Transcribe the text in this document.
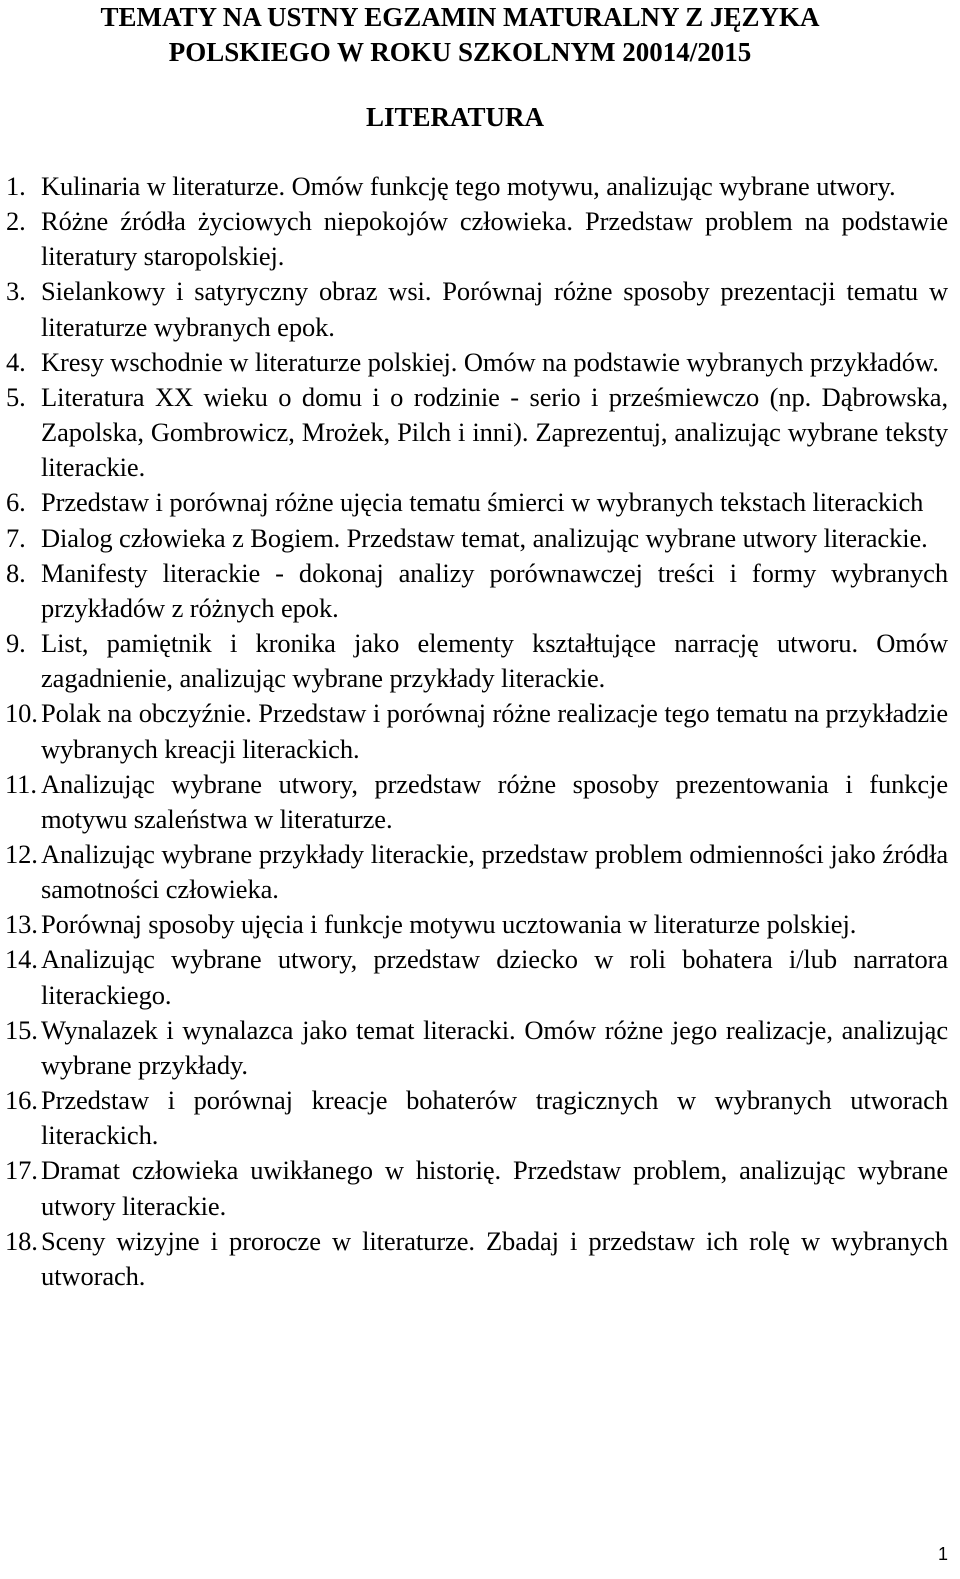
TEMATY NA USTNY EGZAMIN MATURALNY Z JĘZYKA
POLSKIEGO W ROKU SZKOLNYM 20014/2015
LITERATURA
1. Kulinaria w literaturze. Omów funkcję tego motywu, analizując wybrane utwory.
2. Różne źródła życiowych niepokojów człowieka. Przedstaw problem na podstawie literatury staropolskiej.
3. Sielankowy i satyryczny obraz wsi. Porównaj różne sposoby prezentacji tematu w literaturze wybranych epok.
4. Kresy wschodnie w literaturze polskiej. Omów na podstawie wybranych przykładów.
5. Literatura XX wieku o domu i o rodzinie - serio i prześmiewczo (np. Dąbrowska, Zapolska, Gombrowicz, Mrożek, Pilch i inni). Zaprezentuj, analizując wybrane teksty literackie.
6. Przedstaw i porównaj różne ujęcia tematu śmierci w wybranych tekstach literackich
7. Dialog człowieka z Bogiem. Przedstaw temat, analizując wybrane utwory literackie.
8. Manifesty literackie - dokonaj analizy porównawczej treści i formy wybranych przykładów z różnych epok.
9. List, pamiętnik i kronika jako elementy kształtujące narrację utworu. Omów zagadnienie, analizując wybrane przykłady literackie.
10. Polak na obczyźnie. Przedstaw i porównaj różne realizacje tego tematu na przykładzie wybranych kreacji literackich.
11. Analizując wybrane utwory, przedstaw różne sposoby prezentowania i funkcje motywu szaleństwa w literaturze.
12. Analizując wybrane przykłady literackie, przedstaw problem odmienności jako źródła samotności człowieka.
13. Porównaj sposoby ujęcia i funkcje motywu ucztowania w literaturze polskiej.
14. Analizując wybrane utwory, przedstaw dziecko w roli bohatera i/lub narratora literackiego.
15. Wynalazek i wynalazca jako temat literacki. Omów różne jego realizacje, analizując wybrane przykłady.
16. Przedstaw i porównaj kreacje bohaterów tragicznych w wybranych utworach literackich.
17. Dramat człowieka uwikłanego w historię. Przedstaw problem, analizując wybrane utwory literackie.
18. Sceny wizyjne i prorocze w literaturze. Zbadaj i przedstaw ich rolę w wybranych utworach.
1
